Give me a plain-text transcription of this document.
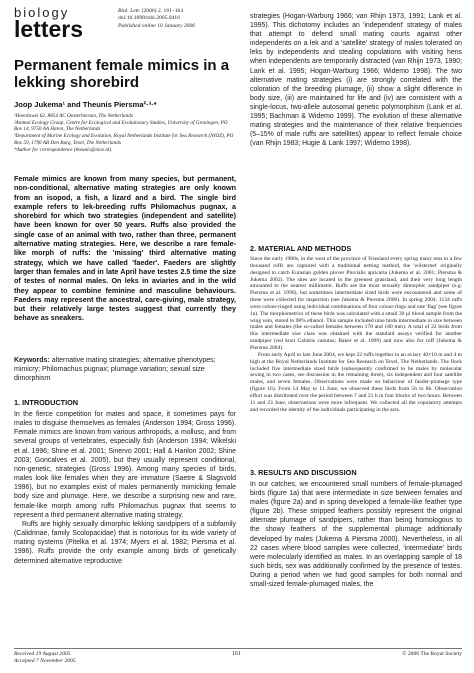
biology
letters
Biol. Lett. (2006) 2, 161–164
doi:10.1098/rsbl.2005.0416
Published online 10 January 2006
Permanent female mimics in a lekking shorebird
Joop Jukema¹ and Theunis Piersma²·³·*

¹Haerdawei 62, 8854 AC Oosterbierum, The Netherlands

²Animal Ecology Group, Centre for Ecological and Evolutionary Studies, University of Groningen, PO Box 14, 9750 AA Haren, The Netherlands

³Department of Marine Ecology and Evolution, Royal Netherlands Institute for Sea Research (NIOZ), PO Box 59, 1790 AB Den Burg, Texel, The Netherlands

*Author for correspondence (theunis@nioz.nl).

Female mimics are known from many species, but permanent, non-conditional, alternative mating strategies are only known from an isopod, a fish, a lizard and a bird. The single bird example refers to lek-breeding ruffs Philomachus pugnax, a shorebird for which two strategies (independent and satellite) have been known for over 50 years. Ruffs also provided the single case of an animal with two, rather than three, permanent alternative mating strategies. Here, we describe a rare female-like morph of ruffs: the 'missing' third alternative mating strategy, which we have called 'faeder'. Faeders are slightly larger than females and in late April have testes 2.5 time the size of testes of normal males. On leks in aviaries and in the wild they appear to combine feminine and masculine behaviours. Faeders may represent the ancestral, care-giving, male strategy, but their relatively large testes suggest that currently they behave as sneakers.
Keywords: alternative mating strategies; alternative phenotypes; mimicry; Philomachus pugnax; plumage variation; sexual size dimorphism
1. INTRODUCTION

In the fierce competition for mates and space, it sometimes pays for males to disguise themselves as females (Anderson 1994; Gross 1996). Female mimics are known from various arthropods, a mollusc, and from several groups of vertebrates, especially fish (Anderson 1994; Wikelski et al. 1996; Shine et al. 2001; Sinervo 2001; Hall & Hanlon 2002; Shine 2003; Goncalves et al. 2005), but they usually represent conditional, non-genetic, strategies (Gross 1996). Among many species of birds, males look like females when they are immature (Saetre & Slagsvold 1996), but no examples exist of males permanently mimicking female body size and plumage. Here, we describe a surprising new and rare, female-like morph among ruffs Philomachus pugnax that seems to represent a third permanent alternative mating strategy.

Ruffs are highly sexually dimorphic lekking sandpipers of a subfamily (Calidrinae, family Scolopacidae) that is notorious for its wide variety of mating systems (Pitelka et al. 1974; Myers et al. 1982; Piersma et al. 1996). Ruffs provide the only example among birds of genetically determined alternative reproductive

strategies (Hogan-Warburg 1966; van Rhijn 1973, 1991; Lank et al. 1995). This dichotomy includes an 'independent' strategy of males that attempt to defend small mating courts against other independents on a lek and a 'satellite' strategy of males tolerated on leks by independents and stealing copulations with visiting hens when independents are temporarily distracted (van Rhijn 1973, 1990; Lank et al. 1995; Hogan-Warburg 1966; Widemo 1998). The two alternative mating strategies (i) are strongly correlated with the coloration of the breeding plumage, (ii) show a slight difference in body size, (iii) are maintained for life and (iv) are consistent with a single-locus, two-allele autosomal genetic polymorphism (Lank et al. 1995; Bachman & Widemo 1999). The evolution of these alternative mating strategies and the maintenance of their relative frequencies (5–15% of male ruffs are satellites) appear to reflect female choice (van Rhijn 1983; Hugie & Lank 1997; Widemo 1998).
2. MATERIAL AND METHODS

Since the early 1980s, in the west of the province of Friesland every spring many tens to a few thousand ruffs are captured with a traditional netting method, the 'wilsternet' originally designed to catch Eurasian golden plover Pluvialis apricaria (Jukema et al. 2001; Piersma & Jukema 2002). The sites are located in the greenest grassland, and their very long length amounted to the nearest millimetre. Ruffs are the most sexually dimorphic sandpiper (e.g. Piersma et al. 1996), but sometimes intermediate sized birds were encountered and some of these were collected for inspection (see Jukema & Piersma 2000). In spring 2004, 1134 ruffs were colour-ringed using individual combinations of four colour-rings and one 'flag' (see figure 1a). The morphometrics of these birds was calculated with a small 30 μl blood sample from the wing vein, stored in 98% ethanol. This sample included nine birds intermediate in size between males and females (the so-called females between 170 and 180 mm). A total of 22 birds from this intermediate size class was obtained with the standard assays verified for another sandpiper (red knot Calidris canutus; Baker et al. 1999) and now also for ruff (Jukema & Piersma 2004).

From early April to late June 2004, we kept 22 ruffs together in an aviary 40×10 m and 4 m high at the Royal Netherlands Institute for Sea Research on Texel, The Netherlands. The flock included five intermediate sized birds (subsequently confirmed to be males by molecular sexing in two cases, see discussion in the remaining three), six independent and four satellite males, and seven females. Observations were made on behaviour of faeder-plumage type (figure 1b). From 14 May to 11 June, we observed these birds from 5h to 8h. Observation effort was distributed over the period between 7 and 21 h in four blocks of two hours. Between 11 and 23 June, observations were more infrequent. We collected all the copulatory attempts and recorded the identity of the individuals participating in the acts.

3. RESULTS AND DISCUSSION
In our catches, we encountered small numbers of female-plumaged birds (figure 1a) that were intermediate in size between females and males (figure 2a) and in spring developed a female-like feather type (figure 2b). These stripped feathers possibly represent the original alternate plumage of sandpipers, rather than being homologous to the showy feathers of the supplemental plumage additionally developed by males (Jukema & Piersma 2000). Nevertheless, in all 22 cases where blood samples were collected, 'intermediate' birds were molecularly identified as males. In an overlapping sample of 18 such birds, sex was additionally confirmed by the presence of testes. During a period when we had good samples for both normal and small-sized female-plumaged males, the
Received 19 August 2005
Accepted 7 November 2005
161	© 2006 The Royal Society
